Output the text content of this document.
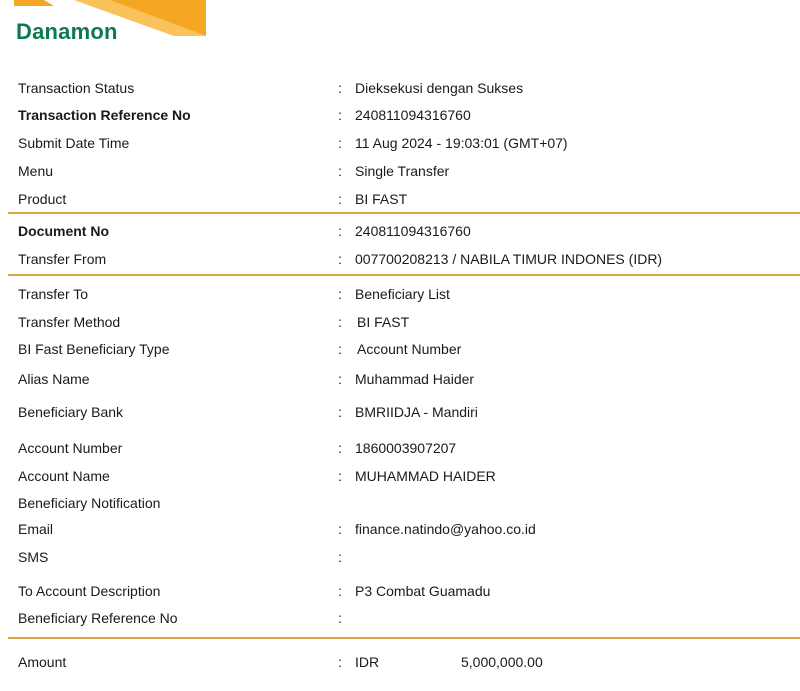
Danamon
Transaction Status	: Dieksekusi dengan Sukses
Transaction Reference No	: 240811094316760
Submit Date Time	: 11 Aug 2024 - 19:03:01 (GMT+07)
Menu	: Single Transfer
Product	: BI FAST
Document No	: 240811094316760
Transfer From	: 007700208213 / NABILA TIMUR INDONES (IDR)
Transfer To	: Beneficiary List
Transfer Method	: BI FAST
BI Fast Beneficiary Type	: Account Number
Alias Name	: Muhammad Haider
Beneficiary Bank	: BMRIIDJA - Mandiri
Account Number	: 1860003907207
Account Name	: MUHAMMAD HAIDER
Beneficiary Notification
Email	: finance.natindo@yahoo.co.id
SMS	:
To Account Description	: P3 Combat Guamadu
Beneficiary Reference No	:
Amount	: IDR	5,000,000.00
